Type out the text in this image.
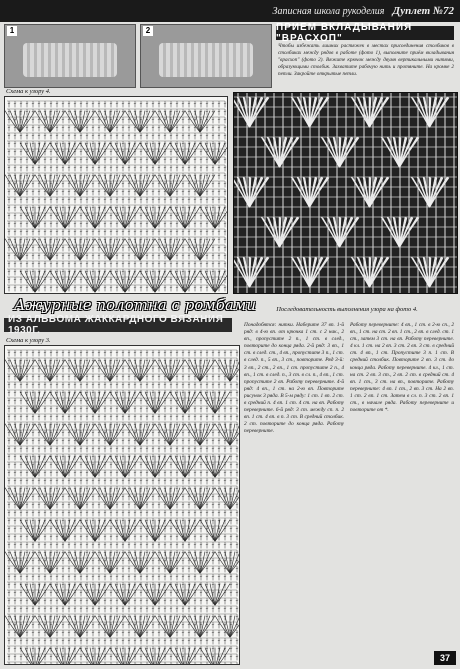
Записная школа рукоделия Дуплет №72
1	2	ПРИЕМ ВКЛАДЫВАНИЯ "ВРАСХОП"
Чтобы избежать лишних растяжек в местах присоединения столбиков в столбиках между рядов в работе (фото 1), выполните приём вкладывания "врасхоп" (фото 2). Вяжите крючок между двумя вертикальными нитями, образующими столбик. Захватите рабочую нить и протяните. На кромке 2 петли. Закройте открытые петли.
Схема к узору 4.
Ажурные полотна с ромбами
ИЗ АЛЬБОМА ЖАККАРДНОГО ВЯЗАНИЯ 1930Г.
Последовательность выполнения узора на фото 4.
Схема к узору 3.
Понадобятся: нитки. Наберите 37 вп. 1-й ряд: в 4-ю вп. от крючка 1 ст. с 2 нак., 2 вп., пропустите 2 п., 1 ст. в след., повторите до конца ряда. 2-й ряд: 3 вп., 1 ст. в след. ст., 4 вп., пропустите 3 п., 1 ст. в след. п., 5 вп., 3 ст., повторите. Ряд 3-й: 3 вп., 2 ст., 2 вп., 1 ст. пропустите 2 п., 4 вп., 1 ст. в след. п., 3 ст. в сл. п., 4 вп., 1 ст. пропустите 2 вп. Работу переверните. 4-й ряд: 4 вп., 1 ст. на 2-ю вп. Повторите рисунок 3 ряда. В 5-м ряду: 1 ст. 1 вп. 2 ст. в средний п. 4 вп. 1 ст. 4 ст. на вп. Работу переверните. 6-й ряд: 3 ст. между сп. п. 2 вп. 1 ст. 4 вп. в п. 3 ст. В средний столбик. 2 ст. повторите до конца ряда. Работу переверните.
Работу переверните: 4 вп., 1 ст. в 2-ю сп., 2 вп., 1 ст. на ст. 2 вп. 1 ст., 2 вп. в след. ст. 1 ст., затем 3 ст. на вп. Работу переверните. 4 кл. 1 ст. на 2 вп. 3 ст. 2 вп. 3 ст. в средний ст. 4 вп., 1 ст. Пропустите 3 п. 1 ст. В средний столбик. Повторите 2 вп. 3 ст. до конца ряда. Работу переверните. 4 кл., 1 ст. на ст. 2 вп. 3 ст., 2 вп. 2 ст. в средний ст. 4 вп. 1 ст., 3 ст. на вп., повторите. Работу переверните: 4 вп. 1 ст., 2 вп. 3 ст. На 2 вп. 1 ст. 2 вп. 1 ст. Затем в сл. п. 3 ст. 2 вп. 1 ст., в начале ряда. Работу переверните и повторите от *.
37
